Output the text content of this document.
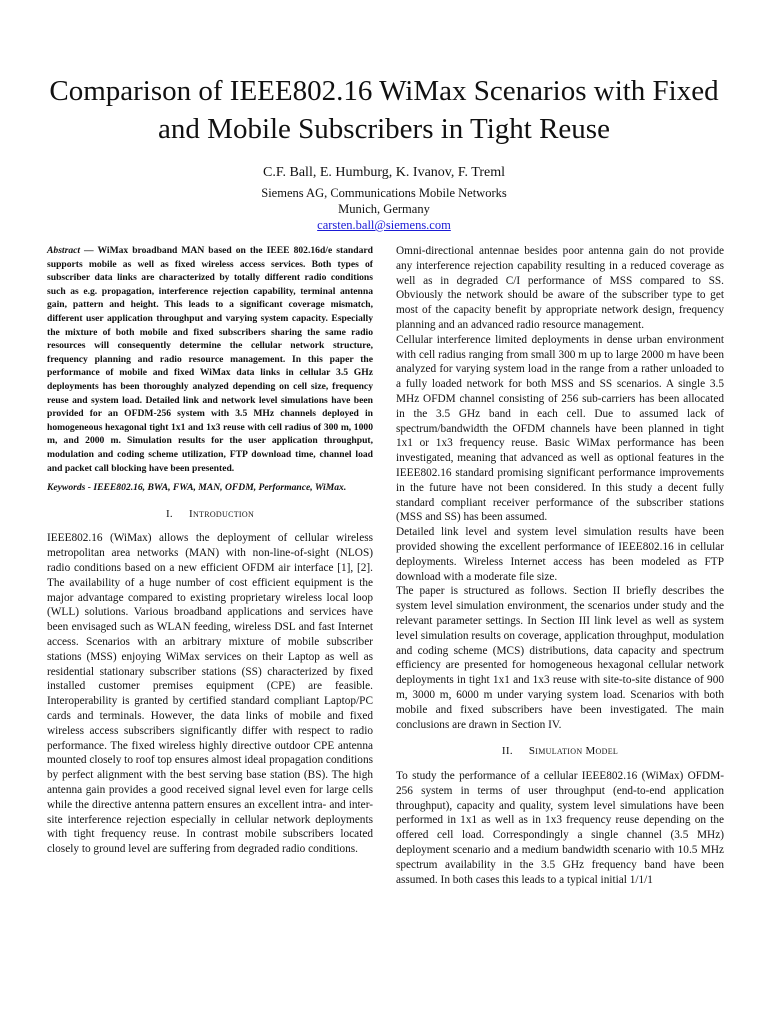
Comparison of IEEE802.16 WiMax Scenarios with Fixed and Mobile Subscribers in Tight Reuse
C.F. Ball, E. Humburg, K. Ivanov, F. Treml
Siemens AG, Communications Mobile Networks
Munich, Germany
carsten.ball@siemens.com

Abstract — WiMax broadband MAN based on the IEEE 802.16d/e standard supports mobile as well as fixed wireless access services. Both types of subscriber data links are characterized by totally different radio conditions such as e.g. propagation, interference rejection capability, terminal antenna gain, pattern and height. This leads to a significant coverage mismatch, different user application throughput and varying system capacity. Especially the mixture of both mobile and fixed subscribers sharing the same radio resources will consequently determine the cellular network structure, frequency planning and radio resource management. In this paper the performance of mobile and fixed WiMax data links in cellular 3.5 GHz deployments has been thoroughly analyzed depending on cell size, frequency reuse and system load. Detailed link and network level simulations have been provided for an OFDM-256 system with 3.5 MHz channels deployed in homogeneous hexagonal tight 1x1 and 1x3 reuse with cell radius of 300 m, 1000 m, and 2000 m. Simulation results for the user application throughput, modulation and coding scheme utilization, FTP download time, channel load and packet call blocking have been presented.

Keywords - IEEE802.16, BWA, FWA, MAN, OFDM, Performance, WiMax.

I. Introduction

IEEE802.16 (WiMax) allows the deployment of cellular wireless metropolitan area networks (MAN) with non-line-of-sight (NLOS) radio conditions based on a new efficient OFDM air interface [1], [2]. The availability of a huge number of cost efficient equipment is the major advantage compared to existing proprietary wireless local loop (WLL) solutions. Various broadband applications and services have been envisaged such as WLAN feeding, wireless DSL and fast Internet access. Scenarios with an arbitrary mixture of mobile subscriber stations (MSS) enjoying WiMax services on their Laptop as well as residential stationary subscriber stations (SS) characterized by fixed installed customer premises equipment (CPE) are feasible. Interoperability is granted by certified standard compliant Laptop/PC cards and terminals. However, the data links of mobile and fixed wireless access subscribers significantly differ with respect to radio performance. The fixed wireless highly directive outdoor CPE antenna mounted closely to roof top ensures almost ideal propagation conditions by perfect alignment with the best serving base station (BS). The high antenna gain provides a good received signal level even for large cells while the directive antenna pattern ensures an excellent intra- and inter-site interference rejection especially in cellular network deployments with tight frequency reuse. In contrast mobile subscribers located closely to ground level are suffering from degraded radio conditions.

Omni-directional antennae besides poor antenna gain do not provide any interference rejection capability resulting in a reduced coverage as well as in degraded C/I performance of MSS compared to SS. Obviously the network should be aware of the subscriber type to get most of the capacity benefit by appropriate network design, frequency planning and an advanced radio resource management.

Cellular interference limited deployments in dense urban environment with cell radius ranging from small 300 m up to large 2000 m have been analyzed for varying system load in the range from a rather unloaded to a fully loaded network for both MSS and SS scenarios. A single 3.5 MHz OFDM channel consisting of 256 sub-carriers has been allocated in the 3.5 GHz band in each cell. Due to assumed lack of spectrum/bandwidth the OFDM channels have been planned in tight 1x1 or 1x3 frequency reuse. Basic WiMax performance has been investigated, meaning that advanced as well as optional features in the IEEE802.16 standard promising significant performance improvements in the future have not been considered. In this study a decent fully standard compliant receiver performance of the subscriber stations (MSS and SS) has been assumed.

Detailed link level and system level simulation results have been provided showing the excellent performance of IEEE802.16 in cellular deployments. Wireless Internet access has been modeled as FTP download with a moderate file size.

The paper is structured as follows. Section II briefly describes the system level simulation environment, the scenarios under study and the relevant parameter settings. In Section III link level as well as system level simulation results on coverage, application throughput, modulation and coding scheme (MCS) distributions, data capacity and spectrum efficiency are presented for homogeneous hexagonal cellular network deployments in tight 1x1 and 1x3 reuse with site-to-site distance of 900 m, 3000 m, 6000 m under varying system load. Scenarios with both mobile and fixed subscribers have been investigated. The main conclusions are drawn in Section IV.

II. Simulation Model

To study the performance of a cellular IEEE802.16 (WiMax) OFDM-256 system in terms of user throughput (end-to-end application throughput), capacity and quality, system level simulations have been performed in 1x1 as well as in 1x3 frequency reuse depending on the offered cell load. Correspondingly a single channel (3.5 MHz) deployment scenario and a medium bandwidth scenario with 10.5 MHz spectrum availability in the 3.5 GHz frequency band have been assumed. In both cases this leads to a typical initial 1/1/1
